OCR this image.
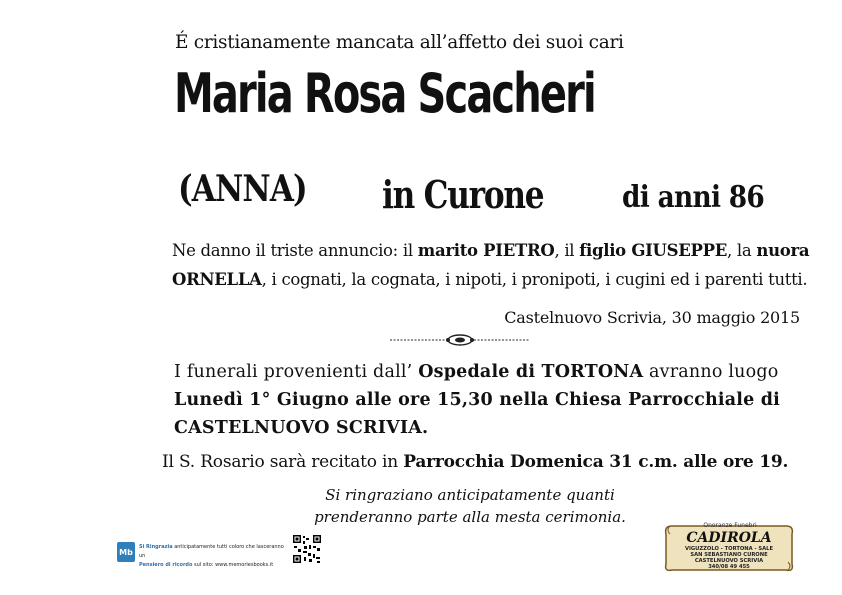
É cristianamente mancata all’affetto dei suoi cari
Maria Rosa Scacheri
(ANNA) in Curone	di anni 86
Ne danno il triste annuncio: il marito PIETRO, il figlio GIUSEPPE, la nuora ORNELLA, i cognati, la cognata, i nipoti, i pronipoti, i cugini ed i parenti tutti.
Castelnuovo Scrivia, 30 maggio 2015
I funerali provenienti dall’ Ospedale di TORTONA avranno luogo Lunedì 1° Giugno alle ore 15,30 nella Chiesa Parrocchiale di CASTELNUOVO SCRIVIA.
Il S. Rosario sarà recitato in Parrocchia Domenica 31 c.m. alle ore 19.
Si ringraziano anticipatamente quanti
prenderanno parte alla mesta cerimonia.
Mb
Si Ringrazia anticipatamente tutti coloro che lasceranno un
Pensiero di ricordo sul sito: www.memoriesbooks.it
Onoranze Funebri
CADIROLA
VIGUZZOLO - TORTONA - SALE
SAN SEBASTIANO CURONE
CASTELNUOVO SCRIVIA
340/08 49 455
